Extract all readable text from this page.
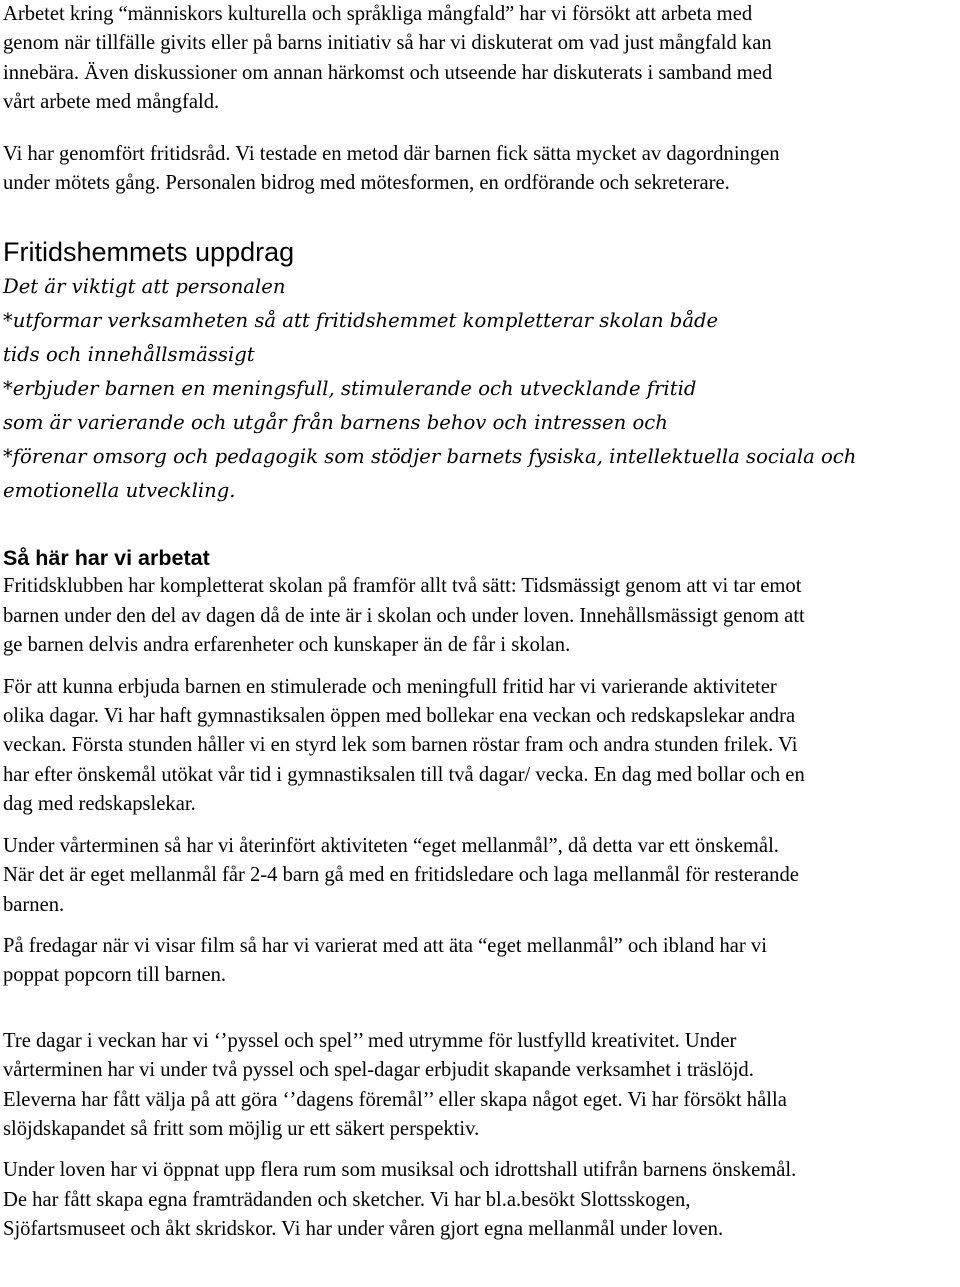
Arbetet kring “människors kulturella och språkliga mångfald” har vi försökt att arbeta med

genom när tillfälle givits eller på barns initiativ så har vi diskuterat om vad just mångfald kan

innebära. Även diskussioner om annan härkomst och utseende har diskuterats i samband med

vårt arbete med mångfald.

Vi har genomfört fritidsråd. Vi testade en metod där barnen fick sätta mycket av dagordningen

under mötets gång. Personalen bidrog med mötesformen, en ordförande och sekreterare.

Fritidshemmets uppdrag

Det är viktigt att personalen

*utformar verksamheten så att fritidshemmet kompletterar skolan både

tids och innehållsmässigt

*erbjuder barnen en meningsfull, stimulerande och utvecklande fritid

som är varierande och utgår från barnens behov och intressen och

*förenar omsorg och pedagogik som stödjer barnets fysiska, intellektuella sociala och

emotionella utveckling.

Så här har vi arbetat

Fritidsklubben har kompletterat skolan på framför allt två sätt: Tidsmässigt genom att vi tar emot

barnen under den del av dagen då de inte är i skolan och under loven. Innehållsmässigt genom att

ge barnen delvis andra erfarenheter och kunskaper än de får i skolan.

För att kunna erbjuda barnen en stimulerade och meningfull fritid har vi varierande aktiviteter

olika dagar. Vi har haft gymnastiksalen öppen med bollekar ena veckan och redskapslekar andra

veckan. Första stunden håller vi en styrd lek som barnen röstar fram och andra stunden frilek. Vi

har efter önskemål utökat vår tid i gymnastiksalen till två dagar/ vecka. En dag med bollar och en

dag med redskapslekar.

Under vårterminen så har vi återinfört aktiviteten “eget mellanmål”, då detta var ett önskemål.

När det är eget mellanmål får 2-4 barn gå med en fritidsledare och laga mellanmål för resterande

barnen.

På fredagar när vi visar film så har vi varierat med att äta “eget mellanmål” och ibland har vi

poppat popcorn till barnen.

Tre dagar i veckan har vi ‘’pyssel och spel’’ med utrymme för lustfylld kreativitet. Under

vårterminen har vi under två pyssel och spel-dagar erbjudit skapande verksamhet i träslöjd.

Eleverna har fått välja på att göra ‘’dagens föremål’’ eller skapa något eget. Vi har försökt hålla

slöjdskapandet så fritt som möjlig ur ett säkert perspektiv.

Under loven har vi öppnat upp flera rum som musiksal och idrottshall utifrån barnens önskemål.

De har fått skapa egna framträdanden och sketcher. Vi har bl.a.besökt Slottsskogen,

Sjöfartsmuseet och åkt skridskor. Vi har under våren gjort egna mellanmål under loven.
